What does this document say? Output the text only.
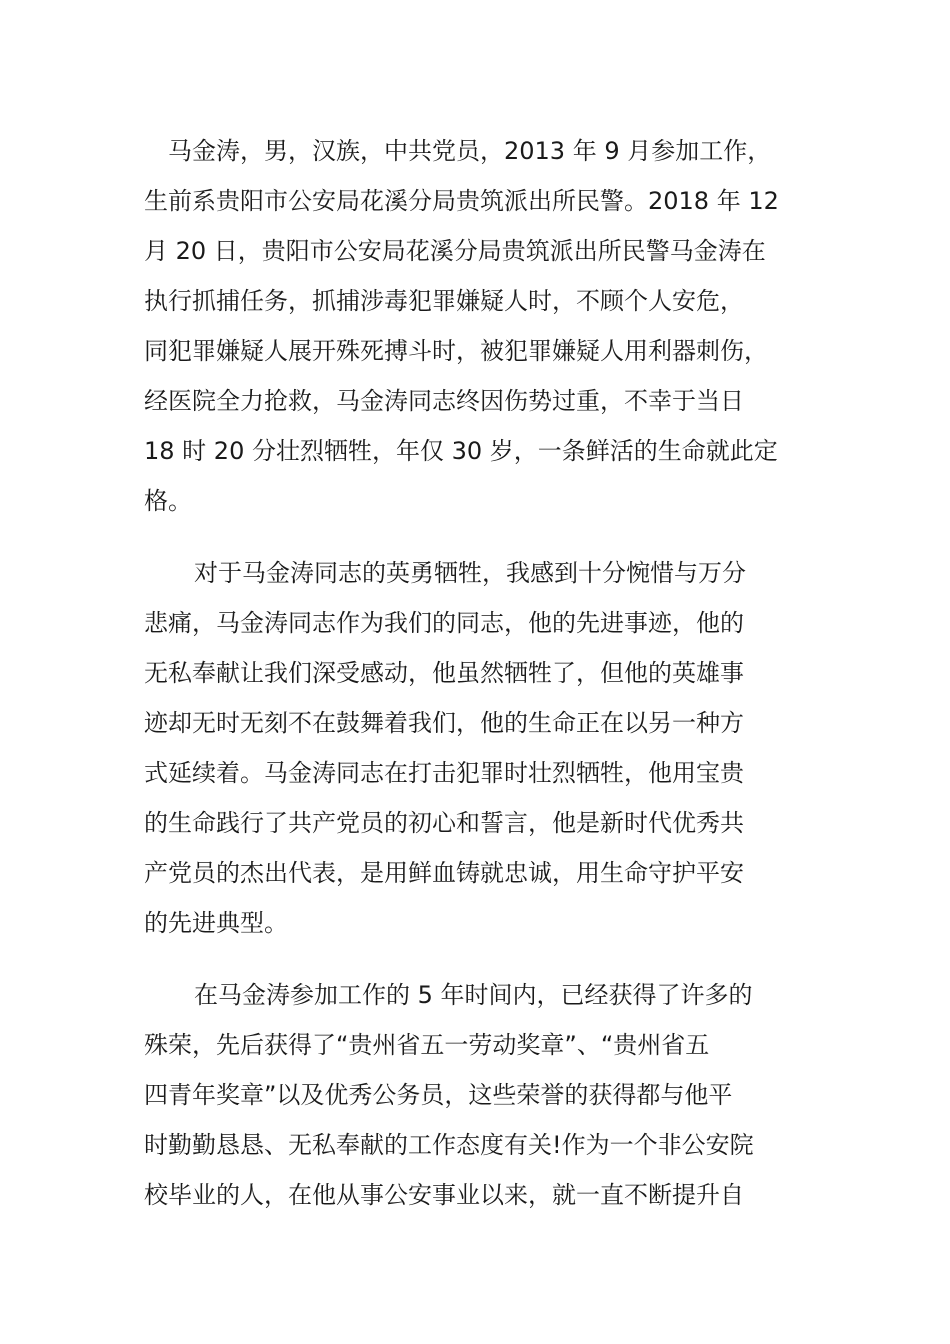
马金涛，男，汉族，中共党员，2013 年 9 月参加工作，
生前系贵阳市公安局花溪分局贵筑派出所民警。2018 年 12
月 20 日，贵阳市公安局花溪分局贵筑派出所民警马金涛在
执行抓捕任务，抓捕涉毒犯罪嫌疑人时，不顾个人安危，
同犯罪嫌疑人展开殊死搏斗时，被犯罪嫌疑人用利器刺伤，
经医院全力抢救，马金涛同志终因伤势过重，不幸于当日
18 时 20 分壮烈牺牲，年仅 30 岁，一条鲜活的生命就此定
格。
对于马金涛同志的英勇牺牲，我感到十分惋惜与万分
悲痛，马金涛同志作为我们的同志，他的先进事迹，他的
无私奉献让我们深受感动，他虽然牺牲了，但他的英雄事
迹却无时无刻不在鼓舞着我们，他的生命正在以另一种方
式延续着。马金涛同志在打击犯罪时壮烈牺牲，他用宝贵
的生命践行了共产党员的初心和誓言，他是新时代优秀共
产党员的杰出代表，是用鲜血铸就忠诚，用生命守护平安
的先进典型。
在马金涛参加工作的 5 年时间内，已经获得了许多的
殊荣，先后获得了“贵州省五一劳动奖章”、“贵州省五
四青年奖章”以及优秀公务员，这些荣誉的获得都与他平
时勤勤恳恳、无私奉献的工作态度有关!作为一个非公安院
校毕业的人，在他从事公安事业以来，就一直不断提升自
